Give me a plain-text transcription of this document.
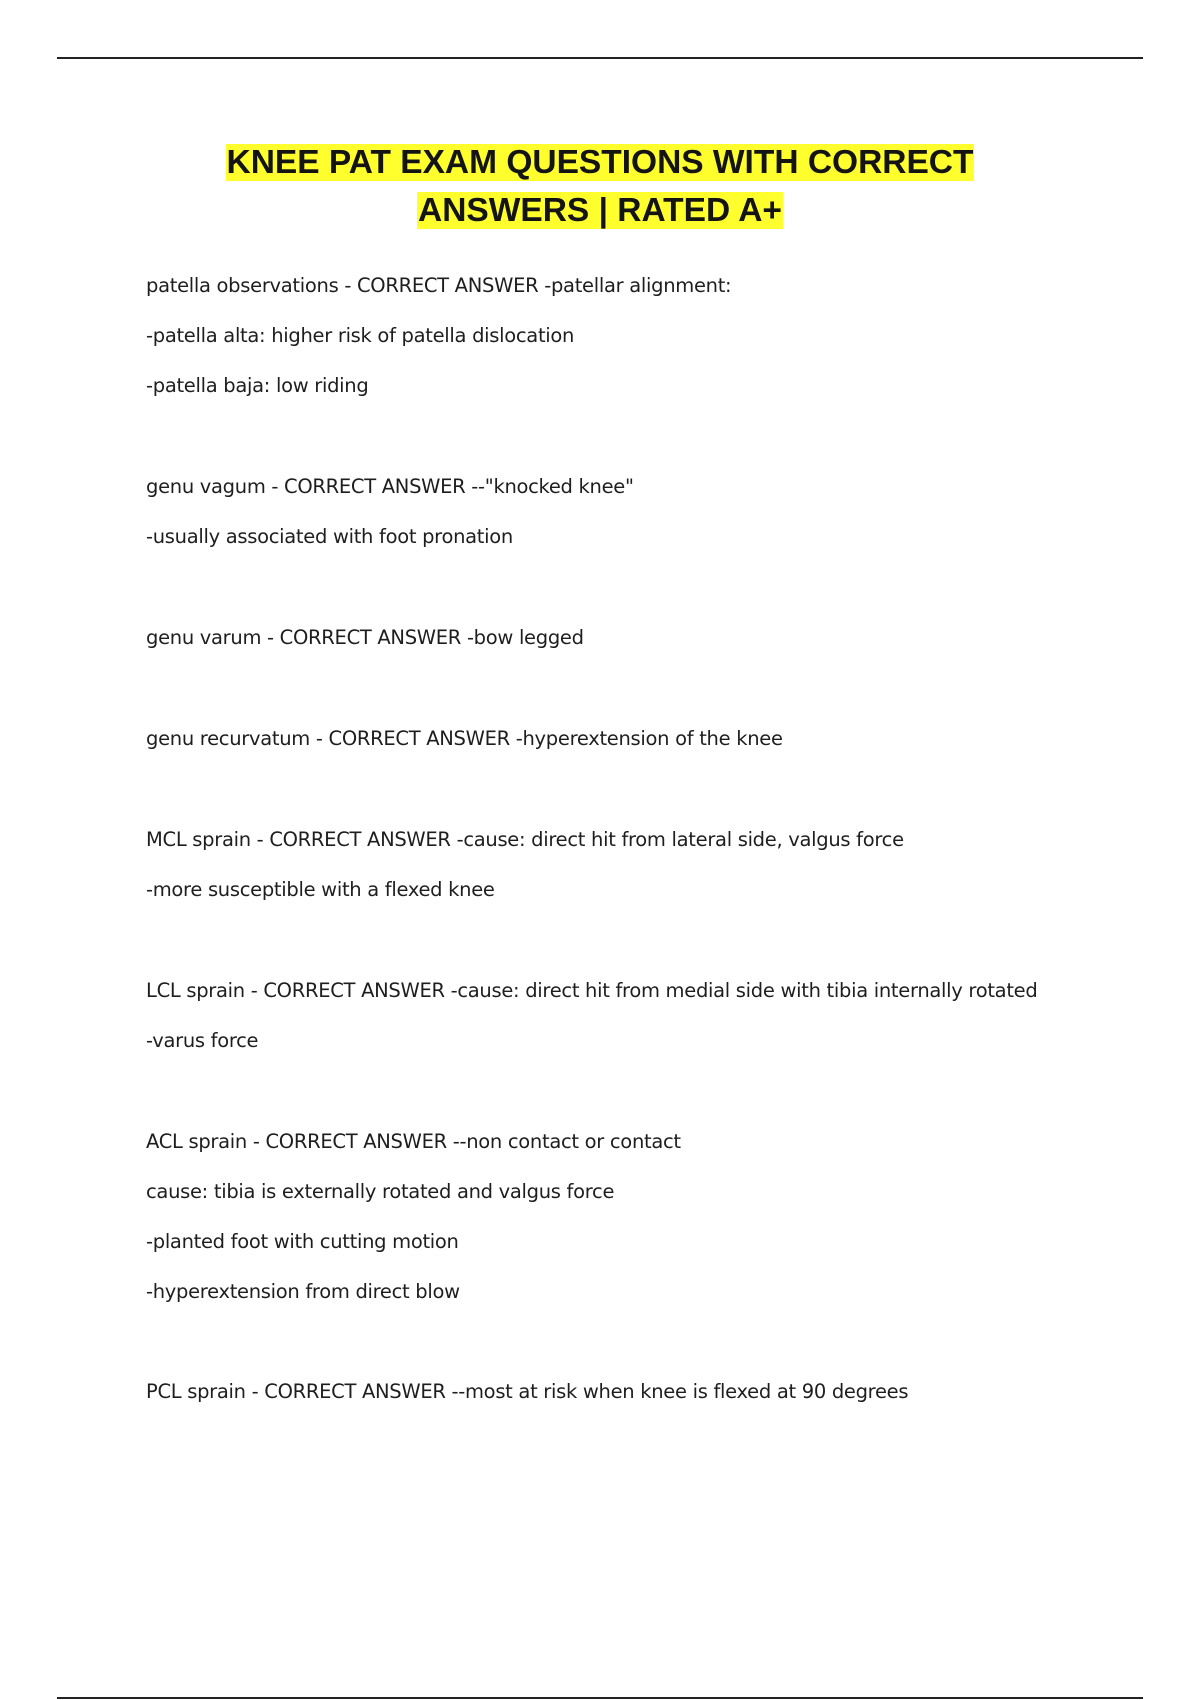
KNEE PAT EXAM QUESTIONS WITH CORRECT
ANSWERS | RATED A+
patella observations - CORRECT ANSWER -patellar alignment:
-patella alta: higher risk of patella dislocation
-patella baja: low riding
genu vagum - CORRECT ANSWER --"knocked knee"
-usually associated with foot pronation
genu varum - CORRECT ANSWER -bow legged
genu recurvatum - CORRECT ANSWER -hyperextension of the knee
MCL sprain - CORRECT ANSWER -cause: direct hit from lateral side, valgus force
-more susceptible with a flexed knee
LCL sprain - CORRECT ANSWER -cause: direct hit from medial side with tibia internally rotated
-varus force
ACL sprain - CORRECT ANSWER --non contact or contact
cause: tibia is externally rotated and valgus force
-planted foot with cutting motion
-hyperextension from direct blow
PCL sprain - CORRECT ANSWER --most at risk when knee is flexed at 90 degrees
